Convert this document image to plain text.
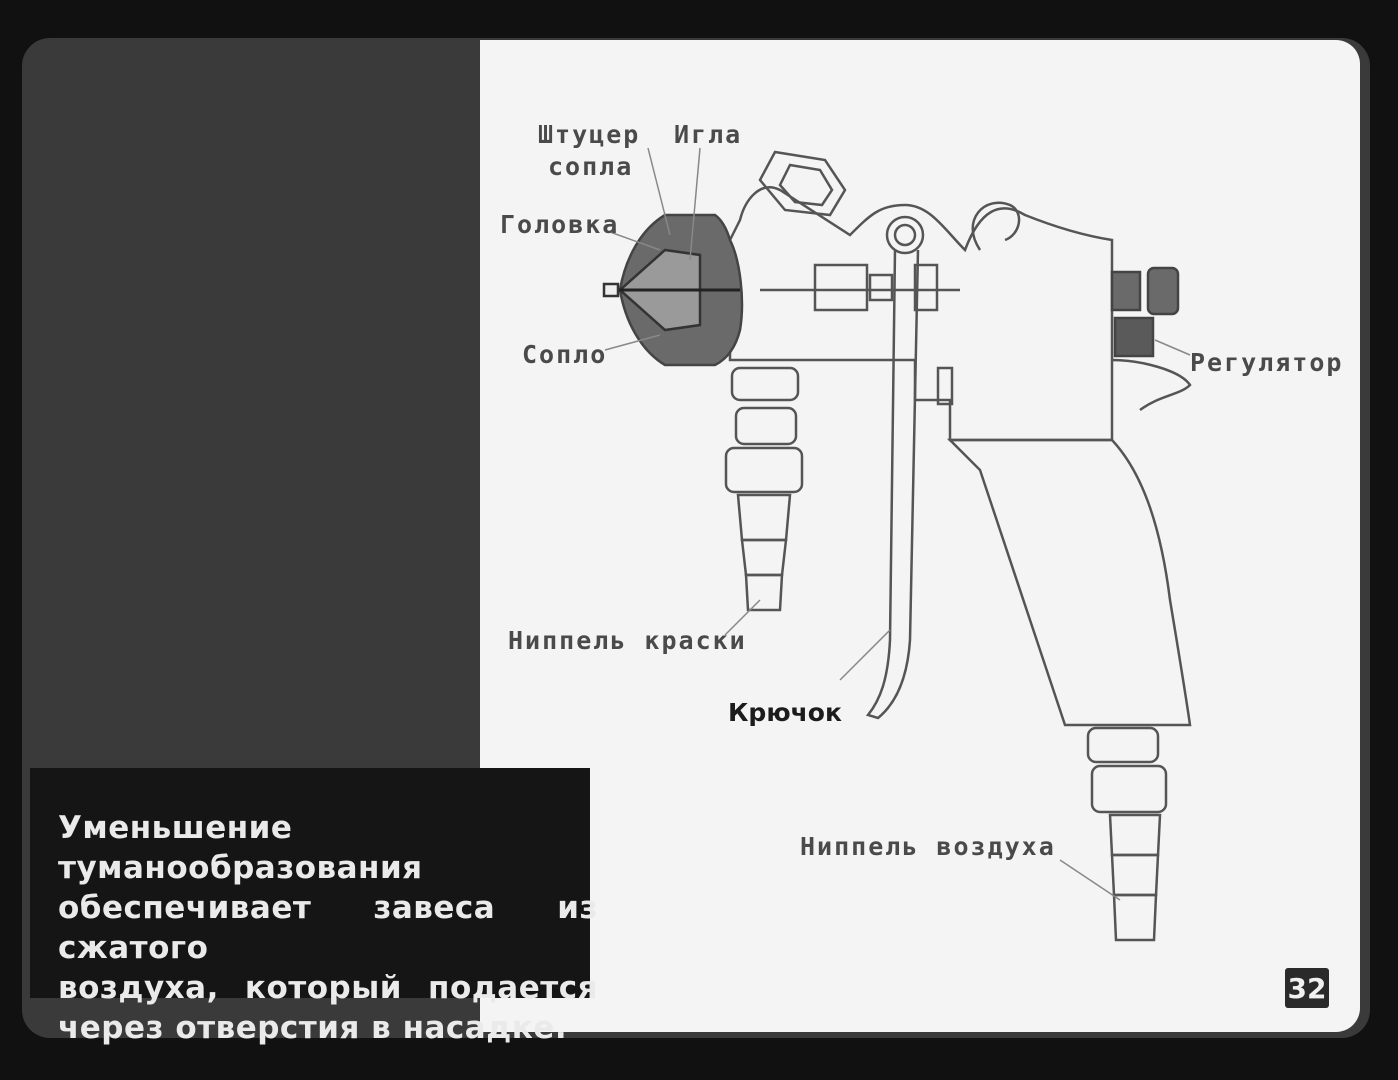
Штуцер Игла
сопла
Головка
Сопло	Регулятор
Ниппель краски
Крючок
Ниппель воздуха
Уменьшение туманообразования
обеспечивает завеса из сжатого
воздуха, который подается
через отверстия в насадке.
32
